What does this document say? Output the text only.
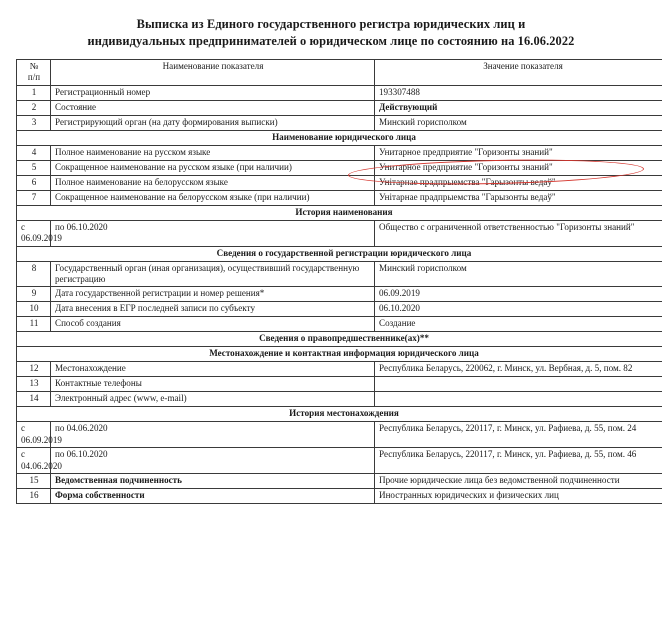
Выписка из Единого государственного регистра юридических лиц и
индивидуальных предпринимателей о юридическом лице по состоянию на 16.06.2022
№
п/п	Наименование показателя	Значение показателя
1	Регистрационный номер	193307488
2	Состояние	Действующий
3	Регистрирующий орган (на дату формирования выписки)	Минский горисполком
Наименование юридического лица		
4	Полное наименование на русском языке	Унитарное предприятие "Горизонты знаний"
5	Сокращенное наименование на русском языке (при наличии)	Унитарное предприятие "Горизонты знаний"
6	Полное наименование на белорусском языке	Унітарнае прадпрыемства "Гарызонты ведаў"
7	Сокращенное наименование на белорусском языке (при наличии)	Унітарнае прадпрыемства "Гарызонты ведаў"
История наименования		
с 06.09.2019	по 06.10.2020	Общество с ограниченной ответственностью "Горизонты знаний"
Сведения о государственной регистрации юридического лица		
8	Государственный орган (иная организация), осуществивший государственную регистрацию	Минский горисполком
9	Дата государственной регистрации и номер решения*	06.09.2019
10	Дата внесения в ЕГР последней записи по субъекту	06.10.2020
11	Способ создания	Создание
Сведения о правопредшественнике(ах)**		
Местонахождение и контактная информация юридического лица		
12	Местонахождение	Республика Беларусь, 220062, г. Минск, ул. Вербная, д. 5, пом. 82
13	Контактные телефоны	
14	Электронный адрес (www, e-mail)	
История местонахождения		
с 06.09.2019	по 04.06.2020	Республика Беларусь, 220117, г. Минск, ул. Рафиева, д. 55, пом. 24
с 04.06.2020	по 06.10.2020	Республика Беларусь, 220117, г. Минск, ул. Рафиева, д. 55, пом. 46
15	Ведомственная подчиненность	Прочие юридические лица без ведомственной подчиненности
16	Форма собственности	Иностранных юридических и физических лиц
